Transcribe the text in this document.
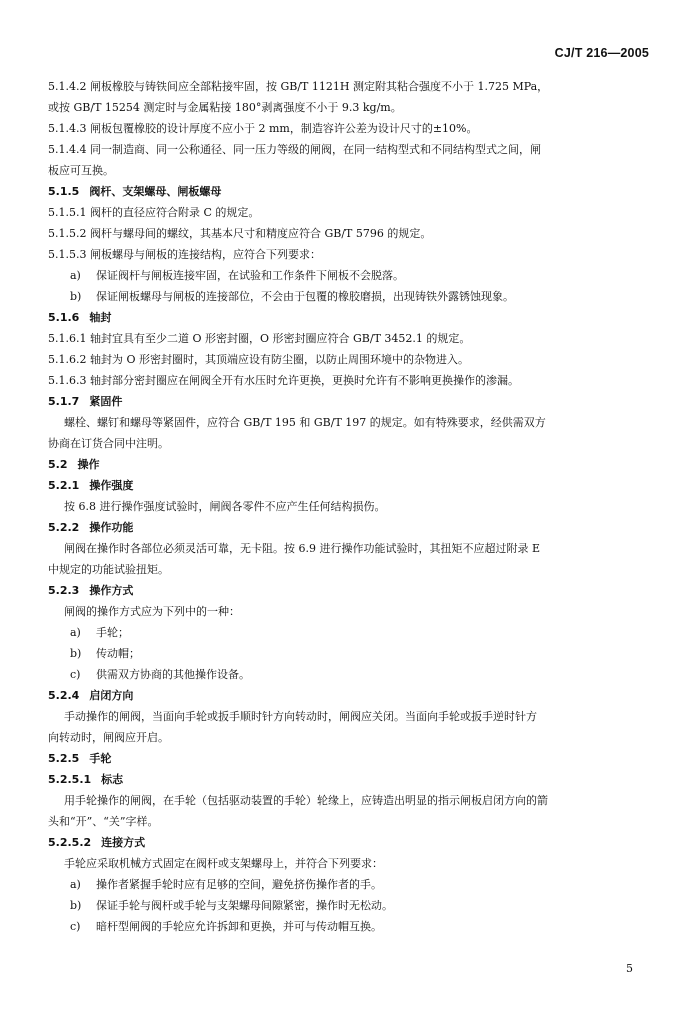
CJ/T 216—2005
5.1.4.2 闸板橡胶与铸铁间应全部粘接牢固，按 GB/T 1121H 测定附其粘合强度不小于 1.725 MPa，
或按 GB/T 15254 测定时与金属粘接 180°剥离强度不小于 9.3 kg/m。
5.1.4.3 闸板包覆橡胶的设计厚度不应小于 2 mm，制造容许公差为设计尺寸的±10%。
5.1.4.4 同一制造商、同一公称通径、同一压力等级的闸阀，在同一结构型式和不同结构型式之间，闸
板应可互换。
5.1.5 阀杆、支架螺母、闸板螺母
5.1.5.1 阀杆的直径应符合附录 C 的规定。
5.1.5.2 阀杆与螺母间的螺纹，其基本尺寸和精度应符合 GB/T 5796 的规定。
5.1.5.3 闸板螺母与闸板的连接结构，应符合下列要求：
a) 保证阀杆与闸板连接牢固，在试验和工作条件下闸板不会脱落。
b) 保证闸板螺母与闸板的连接部位，不会由于包覆的橡胶磨损，出现铸铁外露锈蚀现象。
5.1.6 轴封
5.1.6.1 轴封宜具有至少二道 O 形密封圈，O 形密封圈应符合 GB/T 3452.1 的规定。
5.1.6.2 轴封为 O 形密封圈时，其顶端应设有防尘圈，以防止周围环境中的杂物进入。
5.1.6.3 轴封部分密封圈应在闸阀全开有水压时允许更换，更换时允许有不影响更换操作的渗漏。
5.1.7 紧固件
螺栓、螺钉和螺母等紧固件，应符合 GB/T 195 和 GB/T 197 的规定。如有特殊要求，经供需双方
协商在订货合同中注明。
5.2 操作
5.2.1 操作强度
按 6.8 进行操作强度试验时，闸阀各零件不应产生任何结构损伤。
5.2.2 操作功能
闸阀在操作时各部位必须灵活可靠，无卡阻。按 6.9 进行操作功能试验时，其扭矩不应超过附录 E
中规定的功能试验扭矩。
5.2.3 操作方式
闸阀的操作方式应为下列中的一种：
a) 手轮；
b) 传动帽；
c) 供需双方协商的其他操作设备。
5.2.4 启闭方向
手动操作的闸阀，当面向手轮或扳手顺时针方向转动时，闸阀应关闭。当面向手轮或扳手逆时针方
向转动时，闸阀应开启。
5.2.5 手轮
5.2.5.1 标志
用手轮操作的闸阀，在手轮（包括驱动装置的手轮）轮缘上，应铸造出明显的指示闸板启闭方向的箭
头和“开”、“关”字样。
5.2.5.2 连接方式
手轮应采取机械方式固定在阀杆或支架螺母上，并符合下列要求：
a) 操作者紧握手轮时应有足够的空间，避免挤伤操作者的手。
b) 保证手轮与阀杆或手轮与支架螺母间隙紧密，操作时无松动。
c) 暗杆型闸阀的手轮应允许拆卸和更换，并可与传动帽互换。
5
